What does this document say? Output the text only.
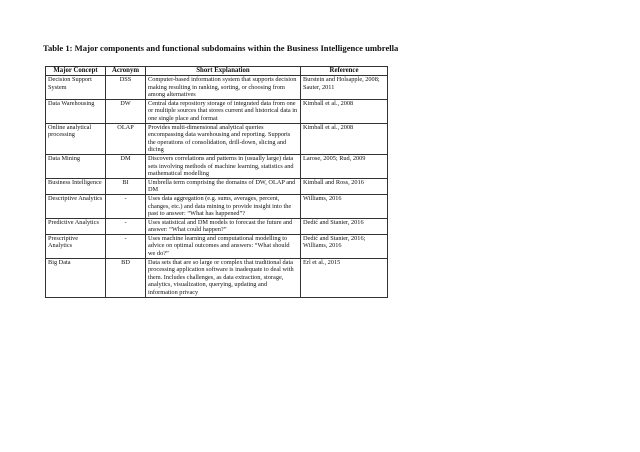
Table 1: Major components and functional subdomains within the Business Intelligence umbrella
Major Concept	Acronym	Short Explanation	Reference
Decision Support System	DSS	Computer-based information system that supports decision making resulting in ranking, sorting, or choosing from among alternatives	Burstein and Holsapple, 2008; Sauter, 2011
Data Warehousing	DW	Central data repository storage of integrated data from one or multiple sources that stores current and historical data in one single place and format	Kimball et al., 2008
Online analytical processing	OLAP	Provides multi-dimensional analytical queries encompassing data warehousing and reporting. Supports the operations of consolidation, drill-down, slicing and dicing	Kimball et al., 2008
Data Mining	DM	Discovers correlations and patterns in (usually large) data sets involving methods of machine learning, statistics and mathematical modelling	Larose, 2005; Rud, 2009
Business Intelligence	BI	Umbrella term comprising the domains of DW, OLAP and DM	Kimball and Ross, 2016
Descriptive Analytics	-	Uses data aggregation (e.g. sums, averages, percent, changes, etc.) and data mining to provide insight into the past to answer: “What has happened”?	Williams, 2016
Predictive Analytics	-	Uses statistical and DM models to forecast the future and answer: “What could happen?”	Dedić and Stanier, 2016
Prescriptive Analytics	-	Uses machine learning and computational modelling to advice on optimal outcomes and answers: “What should we do?”	Dedić and Stanier, 2016; Williams, 2016
Big Data	BD	Data sets that are so large or complex that traditional data processing application software is inadequate to deal with them. Includes challenges, as data extraction, storage, analytics, visualization, querying, updating and information privacy	Erl et al., 2015
